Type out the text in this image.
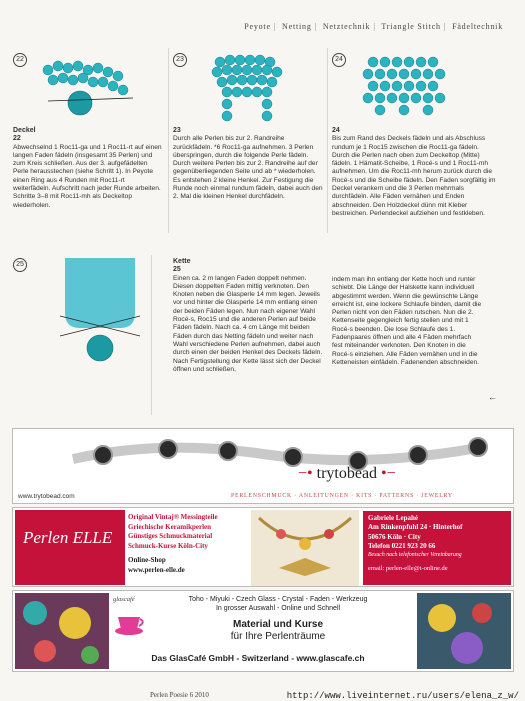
Peyote | Netting | Netztechnik | Triangle Stitch | Fädeltechnik
22
Deckel
22
Abwechselnd 1 Roc11-ga und 1 Roc11-rt auf einen langen Faden fädeln (insgesamt 35 Perlen) und zum Kreis schließen. Aus der 3. aufgefädelten Perle herausstechen (siehe Schritt 1). In Peyote einen Ring aus 4 Runden mit Roc11-rt weiterfädeln. Aufschritt nach jeder Runde arbeiten. Schritte 3–8 mit Roc11-mh als Deckeltop wiederholen.
23
23
Durch alle Perlen bis zur 2. Randreihe zurückfädeln. *6 Roc11-ga aufnehmen. 3 Perlen überspringen, durch die folgende Perle fädeln. Durch weitere Perlen bis zur 2. Randreihe auf der gegenüberliegenden Seite und ab * wiederholen. Es entstehen 2 kleine Henkel. Zur Festigung die Runde noch einmal rundum fädeln, dabei auch den 2. Mal die kleinen Henkel durchfädeln.
24
24
Bis zum Rand des Deckels fädeln und als Abschluss rundum je 1 Roc15 zwischen die Roc11-ga fädeln. Durch die Perlen nach oben zum Deckeltop (Mitte) fädeln. 1 Hämatit-Scheibe, 1 Rocé-s und 1 Roc11-mh aufnehmen. Um die Roc11-mh herum zurück durch die Rocé-s und die Scheibe fädeln. Den Faden sorgfältig im Deckel verankern und die 3 Perlen mehrmals durchfädeln. Alle Fäden vernähen und Enden abschneiden. Den Holzdeckel dünn mit Kleber bestreichen. Perlendeckel aufziehen und festkleben.
25	Kette
25
Einen ca. 2 m langen Faden doppelt nehmen. Diesen doppelten Faden mittig verknoten. Den Knoten neben die Glasperle 14 mm legen. Jeweils vor und hinter die Glasperle 14 mm entlang einen der beiden Fäden legen. Nun nach eigener Wahl Rocé-s, Roc15 und die anderen Perlen auf beide Fäden fädeln. Nach ca. 4 cm Länge mit beiden Fäden durch das Netting fädeln und weiter nach Wahl verschiedene Perlen aufnehmen, dabei auch durch einen der beiden Henkel des Deckels fädeln. Nach Fertigstellung der Kette lässt sich der Deckel öffnen und schließen,
indem man ihn entlang der Kette hoch und runter schiebt. Die Länge der Halskette kann individuell abgestimmt werden. Wenn die gewünschte Länge erreicht ist, eine lockere Schlaufe binden, damit die Perlen nicht von den Fäden rutschen. Nun die 2. Kettenseite gegengleich fertig stellen und mit 1 Rocé-s beenden. Die lose Schlaufe des 1. Fadenpaares öffnen und alle 4 Fäden mehrfach fest miteinander verknoten. Den Knoten in die Rocé-s einziehen. Alle Fäden vernähen und in die Ketteneisten einfädeln. Fadenenden abschneiden.
←
−• trytobead •−
PERLENSCHMUCK · ANLEITUNGEN · KITS · PATTERNS · JEWELRY
www.trytobead.com
Perlen ELLE
Original Vintaj® Messingteile
Griechische Keramikperlen
Günstiges Schmuckmaterial
Schmuck-Kurse Köln-City
Online-Shop
www.perlen-elle.de
Gabriele Lepahé
Am Rinkenpfuhl 24 · Hinterhof
50676 Köln · City
Telefon 0221 923 20 66
Besuch nach telefonischer Vereinbarung
email: perlen-elle@t-online.de
glascafé	Toho - Miyuki - Czech Glass - Crystal - Faden - Werkzeug
In grosser Auswahl - Online und Schnell
Material und Kurse
für Ihre Perlenträume
Das GlasCafé GmbH - Switzerland - www.glascafe.ch
Perlen Poesie 6 2010	http://www.liveinternet.ru/users/elena_z_w/
